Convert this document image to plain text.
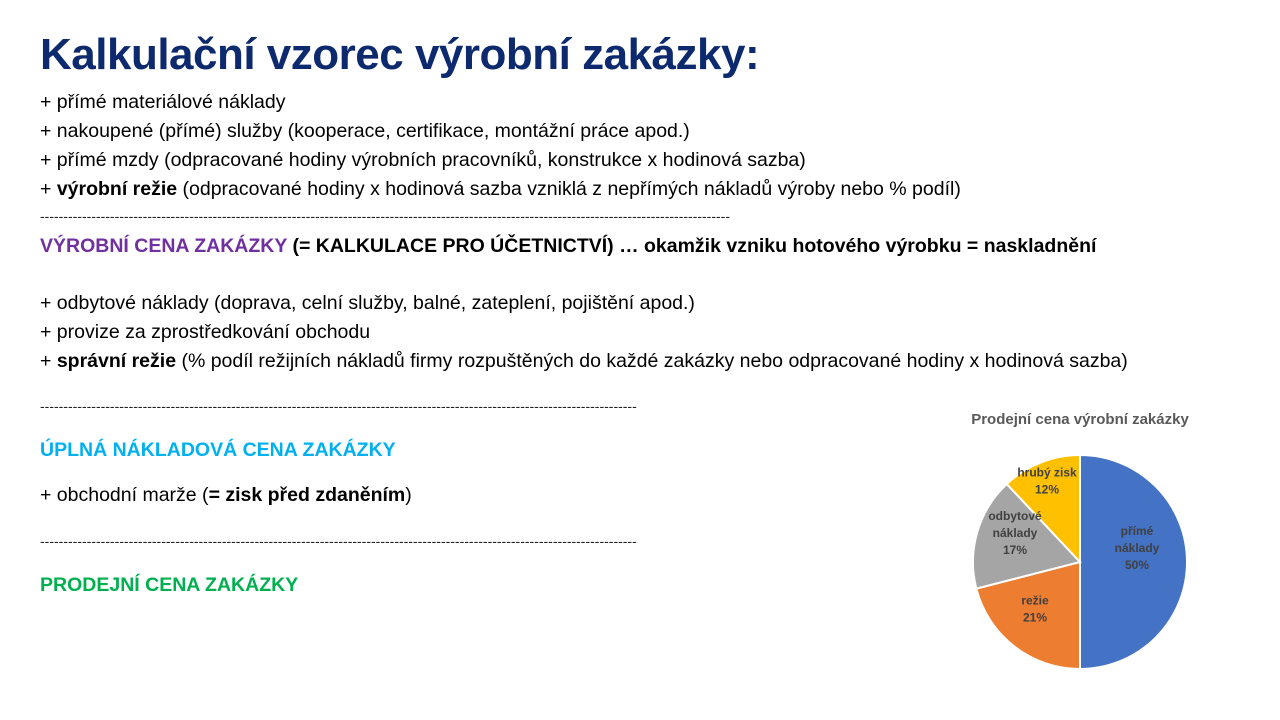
Kalkulační vzorec výrobní zakázky:
+ přímé materiálové náklady
+ nakoupené (přímé) služby (kooperace, certifikace, montážní práce apod.)
+ přímé mzdy (odpracované hodiny výrobních pracovníků, konstrukce x hodinová sazba)
+ výrobní režie (odpracované hodiny x hodinová sazba vzniklá z nepřímých nákladů výroby nebo % podíl)
----------------------------------------------------------------------------------------------------------------------------------------------------
VÝROBNÍ CENA ZAKÁZKY (= KALKULACE PRO ÚČETNICTVÍ) … okamžik vzniku hotového výrobku = naskladnění
+ odbytové náklady (doprava, celní služby, balné, zateplení, pojištění apod.)
+ provize za zprostředkování obchodu
+ správní režie (% podíl režijních nákladů firmy rozpuštěných do každé zakázky nebo odpracované hodiny x hodinová sazba)
--------------------------------------------------------------------------------------------------------------------------------
ÚPLNÁ NÁKLADOVÁ CENA ZAKÁZKY
+ obchodní marže (= zisk před zdaněním)
--------------------------------------------------------------------------------------------------------------------------------
PRODEJNÍ CENA ZAKÁZKY
Prodejní cena výrobní zakázky
přímé náklady 50%
režie 21%
odbytové náklady 17%
hrubý zisk 12%
